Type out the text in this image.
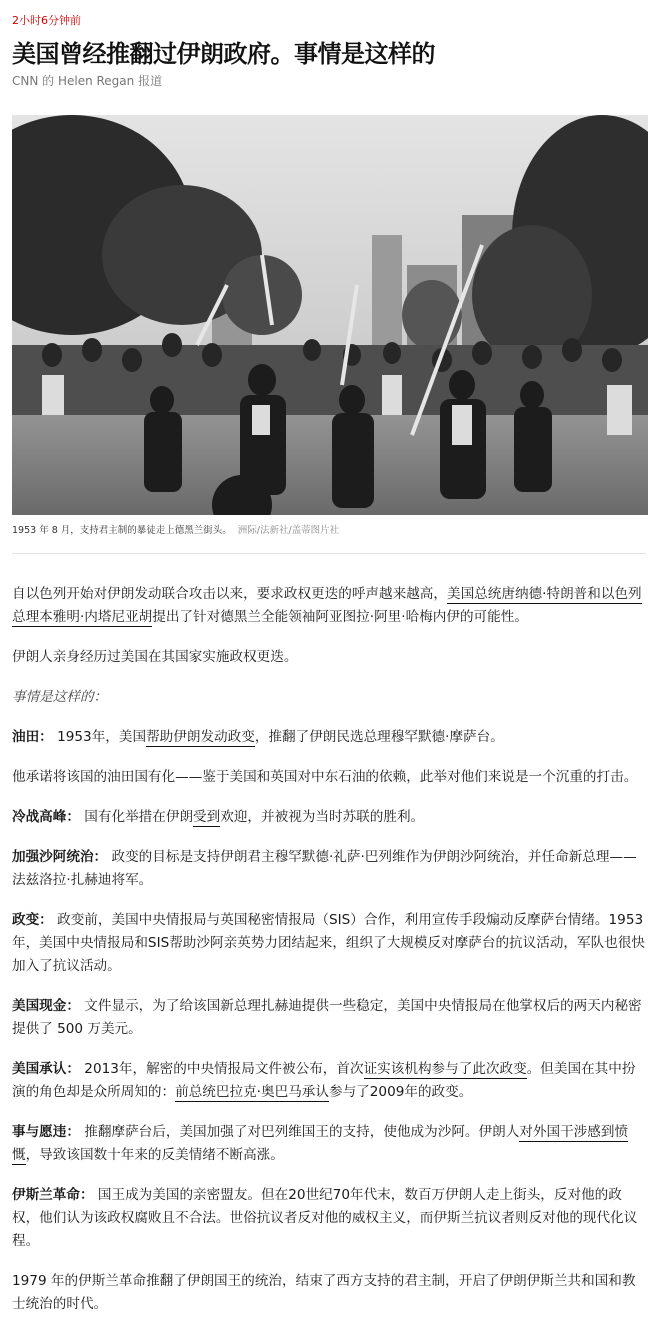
2小时6分钟前
美国曾经推翻过伊朗政府。事情是这样的
CNN 的 Helen Regan 报道
1953 年 8 月，支持君主制的暴徒走上德黑兰街头。 洲际/法新社/盖蒂图片社

自以色列开始对伊朗发动联合攻击以来，要求政权更迭的呼声越来越高，美国总统唐纳德·特朗普和以色列总理本雅明·内塔尼亚胡提出了针对德黑兰全能领袖阿亚图拉·阿里·哈梅内伊的可能性。

伊朗人亲身经历过美国在其国家实施政权更迭。

事情是这样的：

油田： 1953年，美国帮助伊朗发动政变，推翻了伊朗民选总理穆罕默德·摩萨台。

他承诺将该国的油田国有化——鉴于美国和英国对中东石油的依赖，此举对他们来说是一个沉重的打击。

冷战高峰： 国有化举措在伊朗受到欢迎，并被视为当时苏联的胜利。

加强沙阿统治： 政变的目标是支持伊朗君主穆罕默德·礼萨·巴列维作为伊朗沙阿统治，并任命新总理——法兹洛拉·扎赫迪将军。

政变： 政变前，美国中央情报局与英国秘密情报局（SIS）合作，利用宣传手段煽动反摩萨台情绪。1953年，美国中央情报局和SIS帮助沙阿亲英势力团结起来，组织了大规模反对摩萨台的抗议活动，军队也很快加入了抗议活动。

美国现金： 文件显示，为了给该国新总理扎赫迪提供一些稳定，美国中央情报局在他掌权后的两天内秘密提供了 500 万美元。

美国承认： 2013年，解密的中央情报局文件被公布，首次证实该机构参与了此次政变。但美国在其中扮演的角色却是众所周知的：前总统巴拉克·奥巴马承认参与了2009年的政变。

事与愿违： 推翻摩萨台后，美国加强了对巴列维国王的支持，使他成为沙阿。伊朗人对外国干涉感到愤慨，导致该国数十年来的反美情绪不断高涨。

伊斯兰革命： 国王成为美国的亲密盟友。但在20世纪70年代末，数百万伊朗人走上街头，反对他的政权，他们认为该政权腐败且不合法。世俗抗议者反对他的威权主义，而伊斯兰抗议者则反对他的现代化议程。

1979 年的伊斯兰革命推翻了伊朗国王的统治，结束了西方支持的君主制，开启了伊朗伊斯兰共和国和教士统治的时代。
